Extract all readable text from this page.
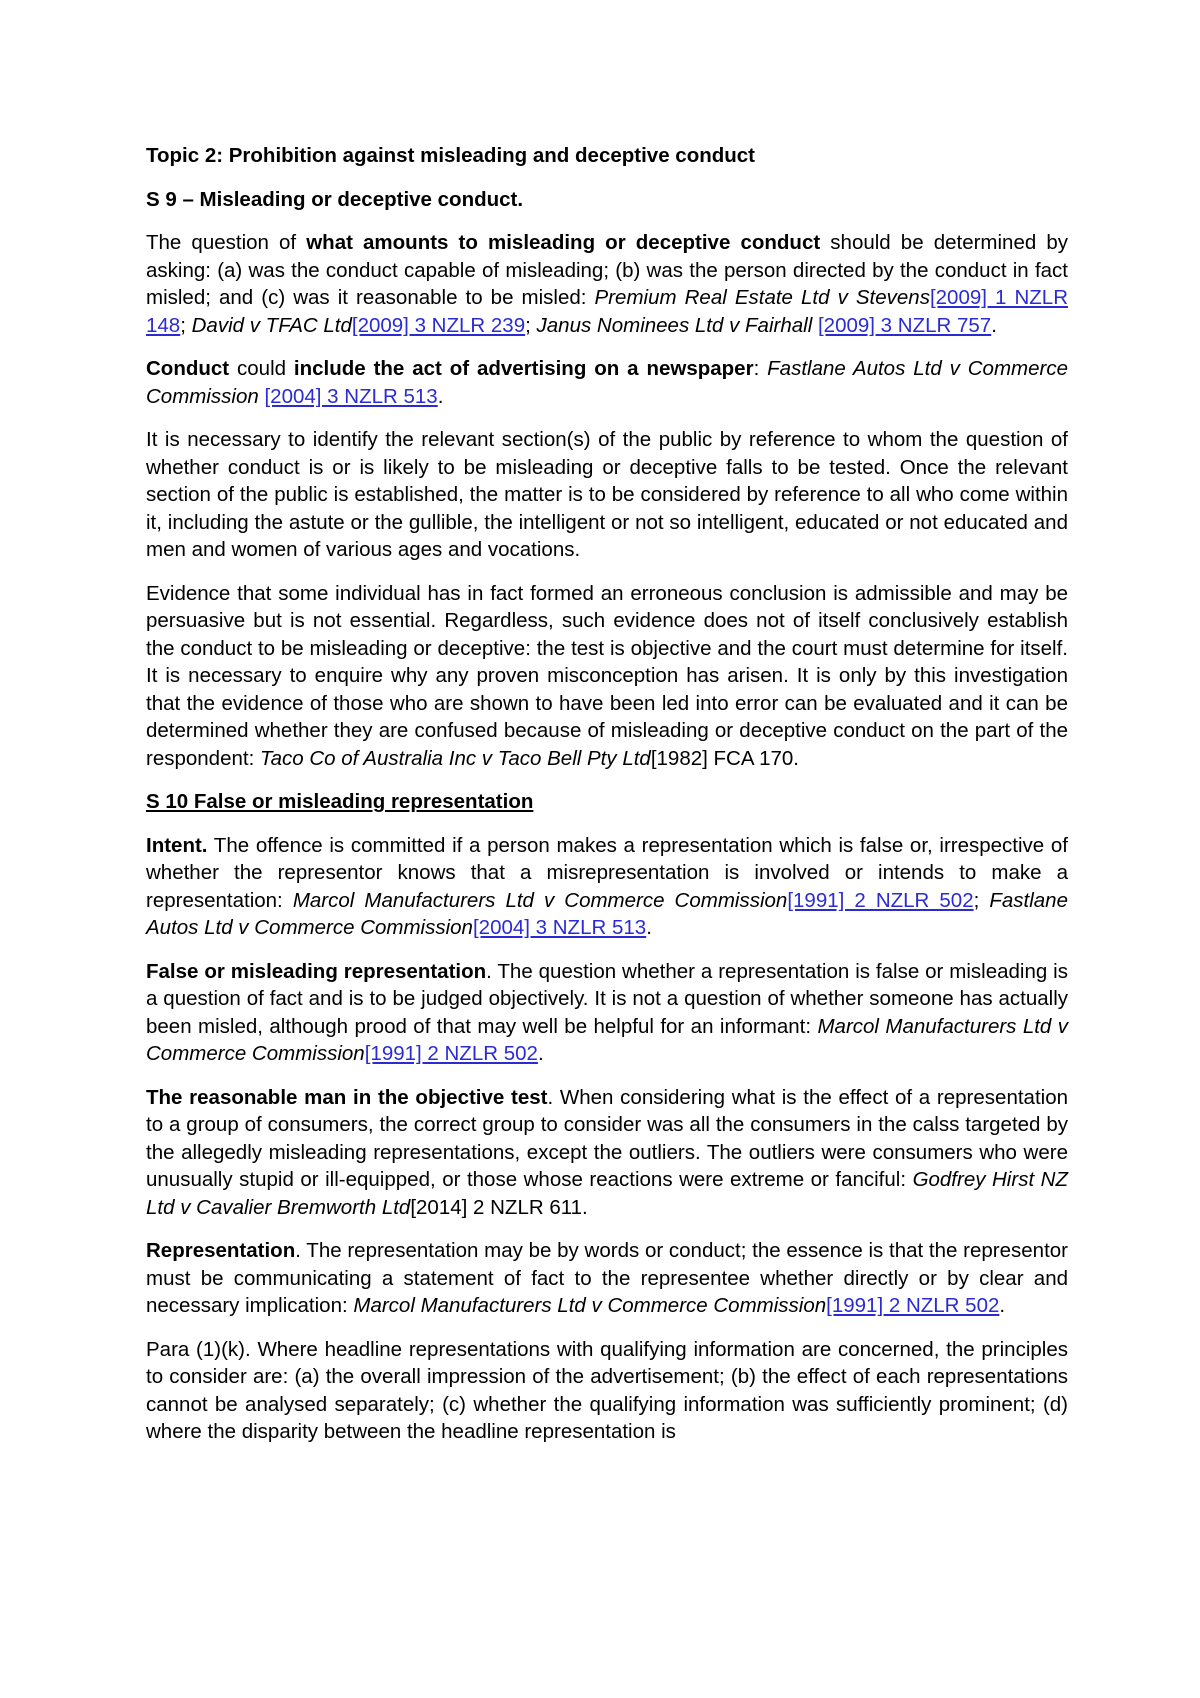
Topic 2: Prohibition against misleading and deceptive conduct
S 9 – Misleading or deceptive conduct.

The question of what amounts to misleading or deceptive conduct should be determined by asking: (a) was the conduct capable of misleading; (b) was the person directed by the conduct in fact misled; and (c) was it reasonable to be misled: Premium Real Estate Ltd v Stevens[2009] 1 NZLR 148; David v TFAC Ltd[2009] 3 NZLR 239; Janus Nominees Ltd v Fairhall [2009] 3 NZLR 757.

Conduct could include the act of advertising on a newspaper: Fastlane Autos Ltd v Commerce Commission [2004] 3 NZLR 513.

It is necessary to identify the relevant section(s) of the public by reference to whom the question of whether conduct is or is likely to be misleading or deceptive falls to be tested. Once the relevant section of the public is established, the matter is to be considered by reference to all who come within it, including the astute or the gullible, the intelligent or not so intelligent, educated or not educated and men and women of various ages and vocations.

Evidence that some individual has in fact formed an erroneous conclusion is admissible and may be persuasive but is not essential. Regardless, such evidence does not of itself conclusively establish the conduct to be misleading or deceptive: the test is objective and the court must determine for itself. It is necessary to enquire why any proven misconception has arisen. It is only by this investigation that the evidence of those who are shown to have been led into error can be evaluated and it can be determined whether they are confused because of misleading or deceptive conduct on the part of the respondent: Taco Co of Australia Inc v Taco Bell Pty Ltd[1982] FCA 170.

S 10 False or misleading representation

Intent. The offence is committed if a person makes a representation which is false or, irrespective of whether the representor knows that a misrepresentation is involved or intends to make a representation: Marcol Manufacturers Ltd v Commerce Commission[1991] 2 NZLR 502; Fastlane Autos Ltd v Commerce Commission[2004] 3 NZLR 513.

False or misleading representation. The question whether a representation is false or misleading is a question of fact and is to be judged objectively. It is not a question of whether someone has actually been misled, although prood of that may well be helpful for an informant: Marcol Manufacturers Ltd v Commerce Commission[1991] 2 NZLR 502.

The reasonable man in the objective test. When considering what is the effect of a representation to a group of consumers, the correct group to consider was all the consumers in the calss targeted by the allegedly misleading representations, except the outliers. The outliers were consumers who were unusually stupid or ill-equipped, or those whose reactions were extreme or fanciful: Godfrey Hirst NZ Ltd v Cavalier Bremworth Ltd[2014] 2 NZLR 611.

Representation. The representation may be by words or conduct; the essence is that the representor must be communicating a statement of fact to the representee whether directly or by clear and necessary implication: Marcol Manufacturers Ltd v Commerce Commission[1991] 2 NZLR 502.

Para (1)(k). Where headline representations with qualifying information are concerned, the principles to consider are: (a) the overall impression of the advertisement; (b) the effect of each representations cannot be analysed separately; (c) whether the qualifying information was sufficiently prominent; (d) where the disparity between the headline representation is
